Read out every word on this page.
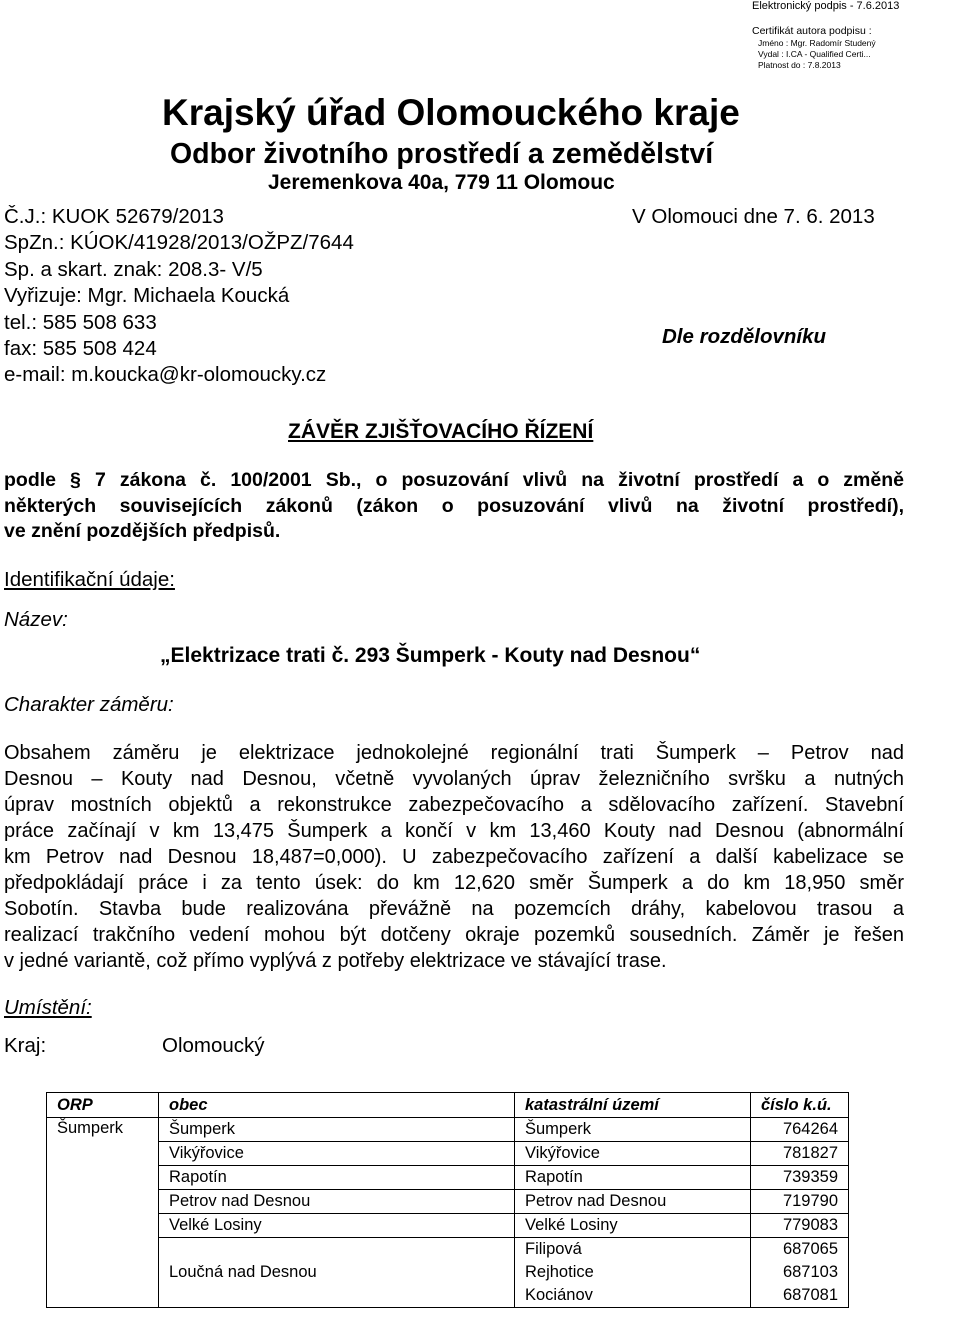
Elektronický podpis - 7.6.2013
Certifikát autora podpisu :
Jméno : Mgr. Radomír Studený
Vydal : I.CA - Qualified Certi...
Platnost do : 7.8.2013
Krajský úřad Olomouckého kraje
Odbor životního prostředí a zemědělství
Jeremenkova 40a, 779 11 Olomouc
Č.J.: KUOK 52679/2013	V Olomouci dne 7. 6. 2013
SpZn.: KÚOK/41928/2013/OŽPZ/7644
Sp. a skart. znak: 208.3- V/5
Vyřizuje: Mgr. Michaela Koucká
tel.: 585 508 633
fax: 585 508 424
e-mail: m.koucka@kr-olomoucky.cz
Dle rozdělovníku
ZÁVĚR ZJIŠŤOVACÍHO ŘÍZENÍ
podle § 7 zákona č. 100/2001 Sb., o posuzování vlivů na životní prostředí a o změně
některých souvisejících zákonů (zákon o posuzování vlivů na životní prostředí),
ve znění pozdějších předpisů.
Identifikační údaje:
Název:
„Elektrizace trati č. 293 Šumperk - Kouty nad Desnou“
Charakter záměru:
Obsahem záměru je elektrizace jednokolejné regionální trati Šumperk – Petrov nad
Desnou – Kouty nad Desnou, včetně vyvolaných úprav železničního svršku a nutných
úprav mostních objektů a rekonstrukce zabezpečovacího a sdělovacího zařízení. Stavební
práce začínají v km 13,475 Šumperk a končí v km 13,460 Kouty nad Desnou (abnormální
km Petrov nad Desnou 18,487=0,000). U zabezpečovacího zařízení a další kabelizace se
předpokládají práce i za tento úsek: do km 12,620 směr Šumperk a do km 18,950 směr
Sobotín. Stavba bude realizována převážně na pozemcích dráhy, kabelovou trasou a
realizací trakčního vedení mohou být dotčeny okraje pozemků sousedních. Záměr je řešen
v jedné variantě, což přímo vyplývá z potřeby elektrizace ve stávající trase.
Umístění:
Kraj:	Olomoucký
ORP	obec	katastrální území	číslo k.ú.
Šumperk	Šumperk	Šumperk	764264
	Vikýřovice	Vikýřovice	781827
	Rapotín	Rapotín	739359
	Petrov nad Desnou	Petrov nad Desnou	719790
	Velké Losiny	Velké Losiny	779083
	Loučná nad Desnou	Filipová	687065
		Rejhotice	687103
		Kociánov	687081
